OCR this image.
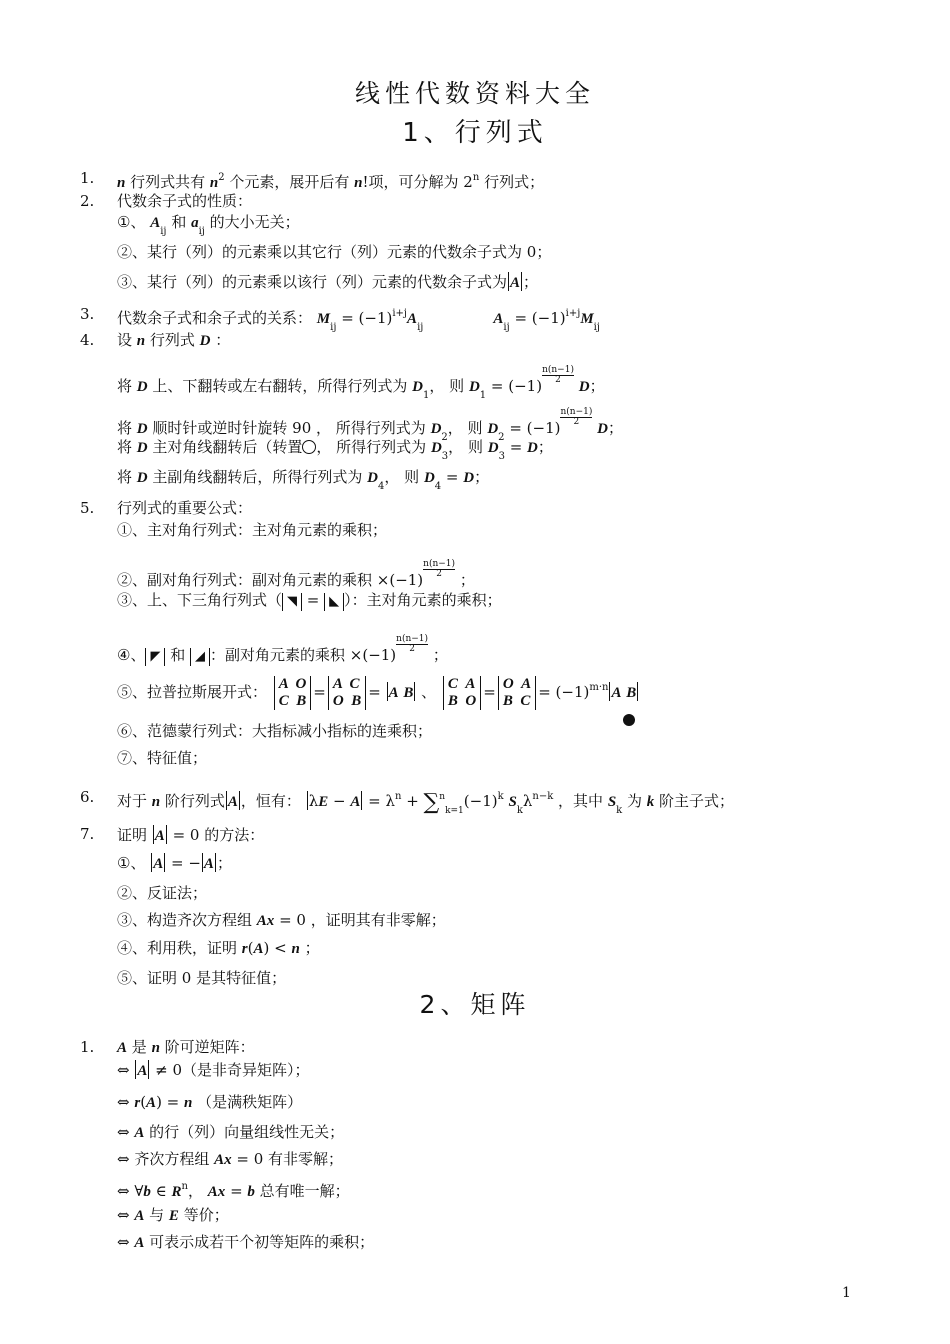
线性代数资料大全
1、行列式
1. n 行列式共有 $n^2$ 个元素，展开后有 n!项，可分解为 2$^n$ 行列式；
2. 代数余子式的性质：
①、 $A_{ij}$ 和 $a_{ij}$ 的大小无关；
②、某行（列）的元素乘以其它行（列）元素的代数余子式为 0；
③、某行（列）的元素乘以该行（列）元素的代数余子式为 A ；
3. 代数余子式和余子式的关系： $M_{ij} = (-1)^{i+j}A_{ij}A_{ij} = (-1)^{i+j}M_{ij}$
4. 设 n 行列式 D ：
将 D 上、下翻转或左右翻转，所得行列式为 $D_1$， 则 $D_1 = (-1)$
$\frac{n(n-1)}{2}$
D；
将 D 顺时针或逆时针旋转 90 ， 所得行列式为 $D_2$， 则 $D_2 = (-1)$
$\frac{n(n-1)}{2}$
D；
将 D 主对角线翻转后（转置○， 所得行列式为 $D_3$， 则 $D_3 = D$；
将 D 主副角线翻转后，所得行列式为 $D_4$， 则 $D_4 = D$；
5. 行列式的重要公式：
①、主对角行列式：主对角元素的乘积；
②、副对角行列式：副对角元素的乘积 ×(−1)
$\frac{n(n-1)}{2}$
；
③、上、下三角行列式（ ◥ = ◣ ）：主对角元素的乘积；
④、 ◤ 和 ◢ ：副对角元素的乘积 ×(−1)
$\frac{n(n-1)}{2}$
；
⑤、拉普拉斯展开式： A  O
C  B = A  C
O  B = A B 、 C  A
B  O = O  A
B  $C = (-1)^{m\cdot n}$ A B
⑥、范德蒙行列式：大指标减小指标的连乘积；
⑦、特征值；
6. 对于 n 阶行列式 A ，恒有： $\lambda E - A = \lambda^n + \sum^n_{k=1}(-1)^k$ $S_k\lambda^{n-k}$ ，其中 $S_k$ 为 k 阶主子式；
7. 证明 A = 0 的方法：
①、 A = − A ；
②、反证法；
③、构造齐次方程组 Ax = 0 ，证明其有非零解；
④、利用秩，证明 r(A) < n ；
⑤、证明 0 是其特征值；
2、矩阵
1. A 是 n 阶可逆矩阵：
⇔ A ≠ 0（是非奇异矩阵）；
⇔ r(A) = n （是满秩矩阵）
⇔ A 的行（列）向量组线性无关；
⇔ 齐次方程组 Ax = 0 有非零解；
⇔ ∀b ∈ $R^n$， Ax = b 总有唯一解；
⇔ A 与 E 等价；
⇔ A 可表示成若干个初等矩阵的乘积；
1
